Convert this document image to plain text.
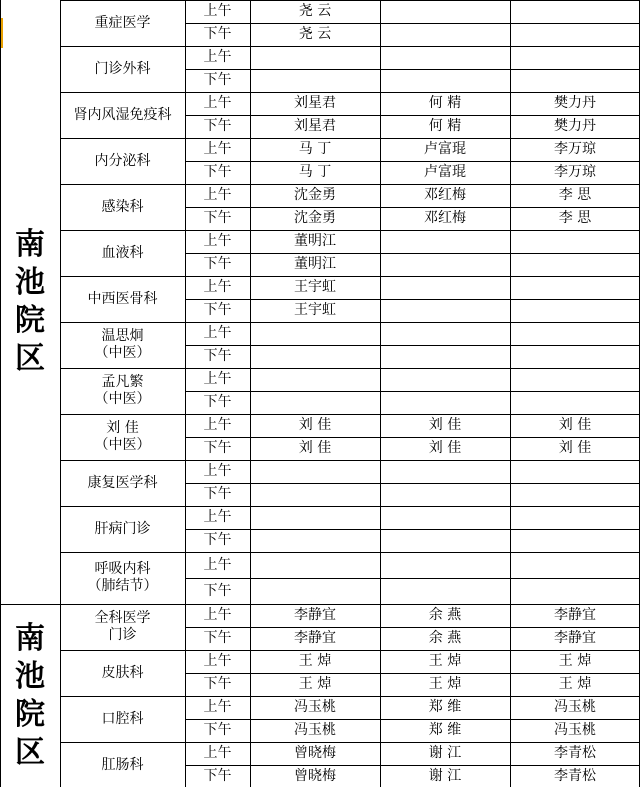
南
池
院
区
南
池
院
区
重症医学
上午	尧 云
下午	尧 云
门诊外科
上午
下午
肾内风湿免疫科
上午	刘星君	何 精	樊力丹
下午	刘星君	何 精	樊力丹
内分泌科
上午	马 丁	卢富琨	李万琼
下午	马 丁	卢富琨	李万琼
感染科
上午	沈金勇	邓红梅	李 思
下午	沈金勇	邓红梅	李 思
血液科
上午	董明江
下午	董明江
中西医骨科
上午	王宇虹
下午	王宇虹
温思炯
（中医）
上午
下午
孟凡繁
（中医）
上午
下午
刘 佳
（中医）
上午	刘 佳	刘 佳	刘 佳
下午	刘 佳	刘 佳	刘 佳
康复医学科
上午
下午
肝病门诊
上午
下午
呼吸内科
（肺结节）
上午
下午
全科医学
门诊
上午	李静宜	余 燕	李静宜
下午	李静宜	余 燕	李静宜
皮肤科
上午	王 焯	王 焯	王 焯
下午	王 焯	王 焯	王 焯
口腔科
上午	冯玉桃	郑 维	冯玉桃
下午	冯玉桃	郑 维	冯玉桃
肛肠科
上午	曾晓梅	谢 江	李青松
下午	曾晓梅	谢 江	李青松
